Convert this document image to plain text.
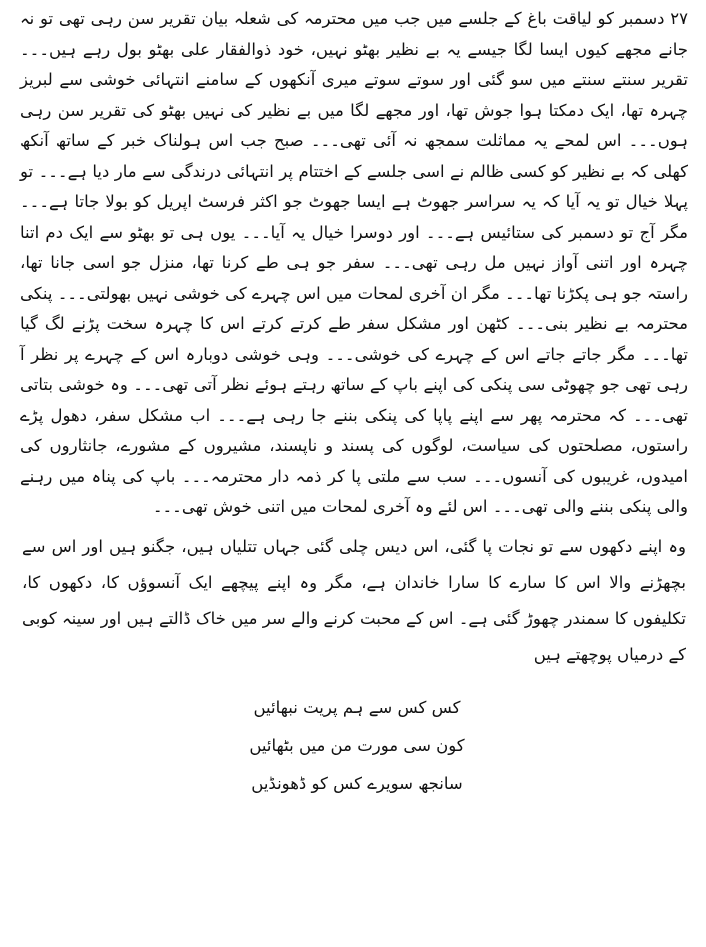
۲۷ دسمبر کو لیاقت باغ کے جلسے میں جب میں محترمہ کی شعلہ بیان تقریر سن رہی تھی تو نہ جانے مجھے کیوں ایسا لگا جیسے یہ بے نظیر بھٹو نہیں، خود ذوالفقار علی بھٹو بول رہے ہیں۔۔۔ تقریر سنتے سنتے میں سو گئی اور سوتے سوتے میری آنکھوں کے سامنے انتہائی خوشی سے لبریز چہرہ تھا، ایک دمکتا ہوا جوش تھا، اور مجھے لگا میں بے نظیر کی نہیں بھٹو کی تقریر سن رہی ہوں۔۔۔ اس لمحے یہ مماثلت سمجھ نہ آئی تھی۔۔۔ صبح جب اس ہولناک خبر کے ساتھ آنکھ کھلی کہ بے نظیر کو کسی ظالم نے اسی جلسے کے اختتام پر انتہائی درندگی سے مار دیا ہے۔۔۔ تو پہلا خیال تو یہ آیا کہ یہ سراسر جھوٹ ہے ایسا جھوٹ جو اکثر فرسٹ اپریل کو بولا جاتا ہے۔۔۔ مگر آج تو دسمبر کی ستائیس ہے۔۔۔ اور دوسرا خیال یہ آیا۔۔۔ یوں ہی تو بھٹو سے ایک دم اتنا چہرہ اور اتنی آواز نہیں مل رہی تھی۔۔۔ سفر جو ہی طے کرنا تھا، منزل جو اسی جانا تھا، راستہ جو ہی پکڑنا تھا۔۔۔ مگر ان آخری لمحات میں اس چہرے کی خوشی نہیں بھولتی۔۔۔ پنکی محترمہ بے نظیر بنی۔۔۔ کٹھن اور مشکل سفر طے کرتے کرتے اس کا چہرہ سخت پڑنے لگ گیا تھا۔۔۔ مگر جاتے جاتے اس کے چہرے کی خوشی۔۔۔ وہی خوشی دوبارہ اس کے چہرے پر نظر آ رہی تھی جو چھوٹی سی پنکی کی اپنے باپ کے ساتھ رہتے ہوئے نظر آتی تھی۔۔۔ وہ خوشی بتاتی تھی۔۔۔ کہ محترمہ پھر سے اپنے پاپا کی پنکی بننے جا رہی ہے۔۔۔ اب مشکل سفر، دھول پڑے راستوں، مصلحتوں کی سیاست، لوگوں کی پسند و ناپسند، مشیروں کے مشورے، جانثاروں کی امیدوں، غریبوں کی آنسوں۔۔۔ سب سے ملتی پا کر ذمہ دار محترمہ۔۔۔ باپ کی پناہ میں رہنے والی پنکی بننے والی تھی۔۔۔ اس لئے وہ آخری لمحات میں اتنی خوش تھی۔۔۔

وہ اپنے دکھوں سے تو نجات پا گئی، اس دیس چلی گئی جہاں تتلیاں ہیں، جگنو ہیں اور اس سے بچھڑنے والا اس کا سارے کا سارا خاندان ہے، مگر وہ اپنے پیچھے ایک آنسوؤں کا، دکھوں کا، تکلیفوں کا سمندر چھوڑ گئی ہے۔ اس کے محبت کرنے والے سر میں خاک ڈالتے ہیں اور سینہ کوبی کے درمیاں پوچھتے ہیں

کس کس سے ہم پریت نبھائیں

کون سی مورت من میں بٹھائیں

سانجھ سویرے کس کو ڈھونڈیں
